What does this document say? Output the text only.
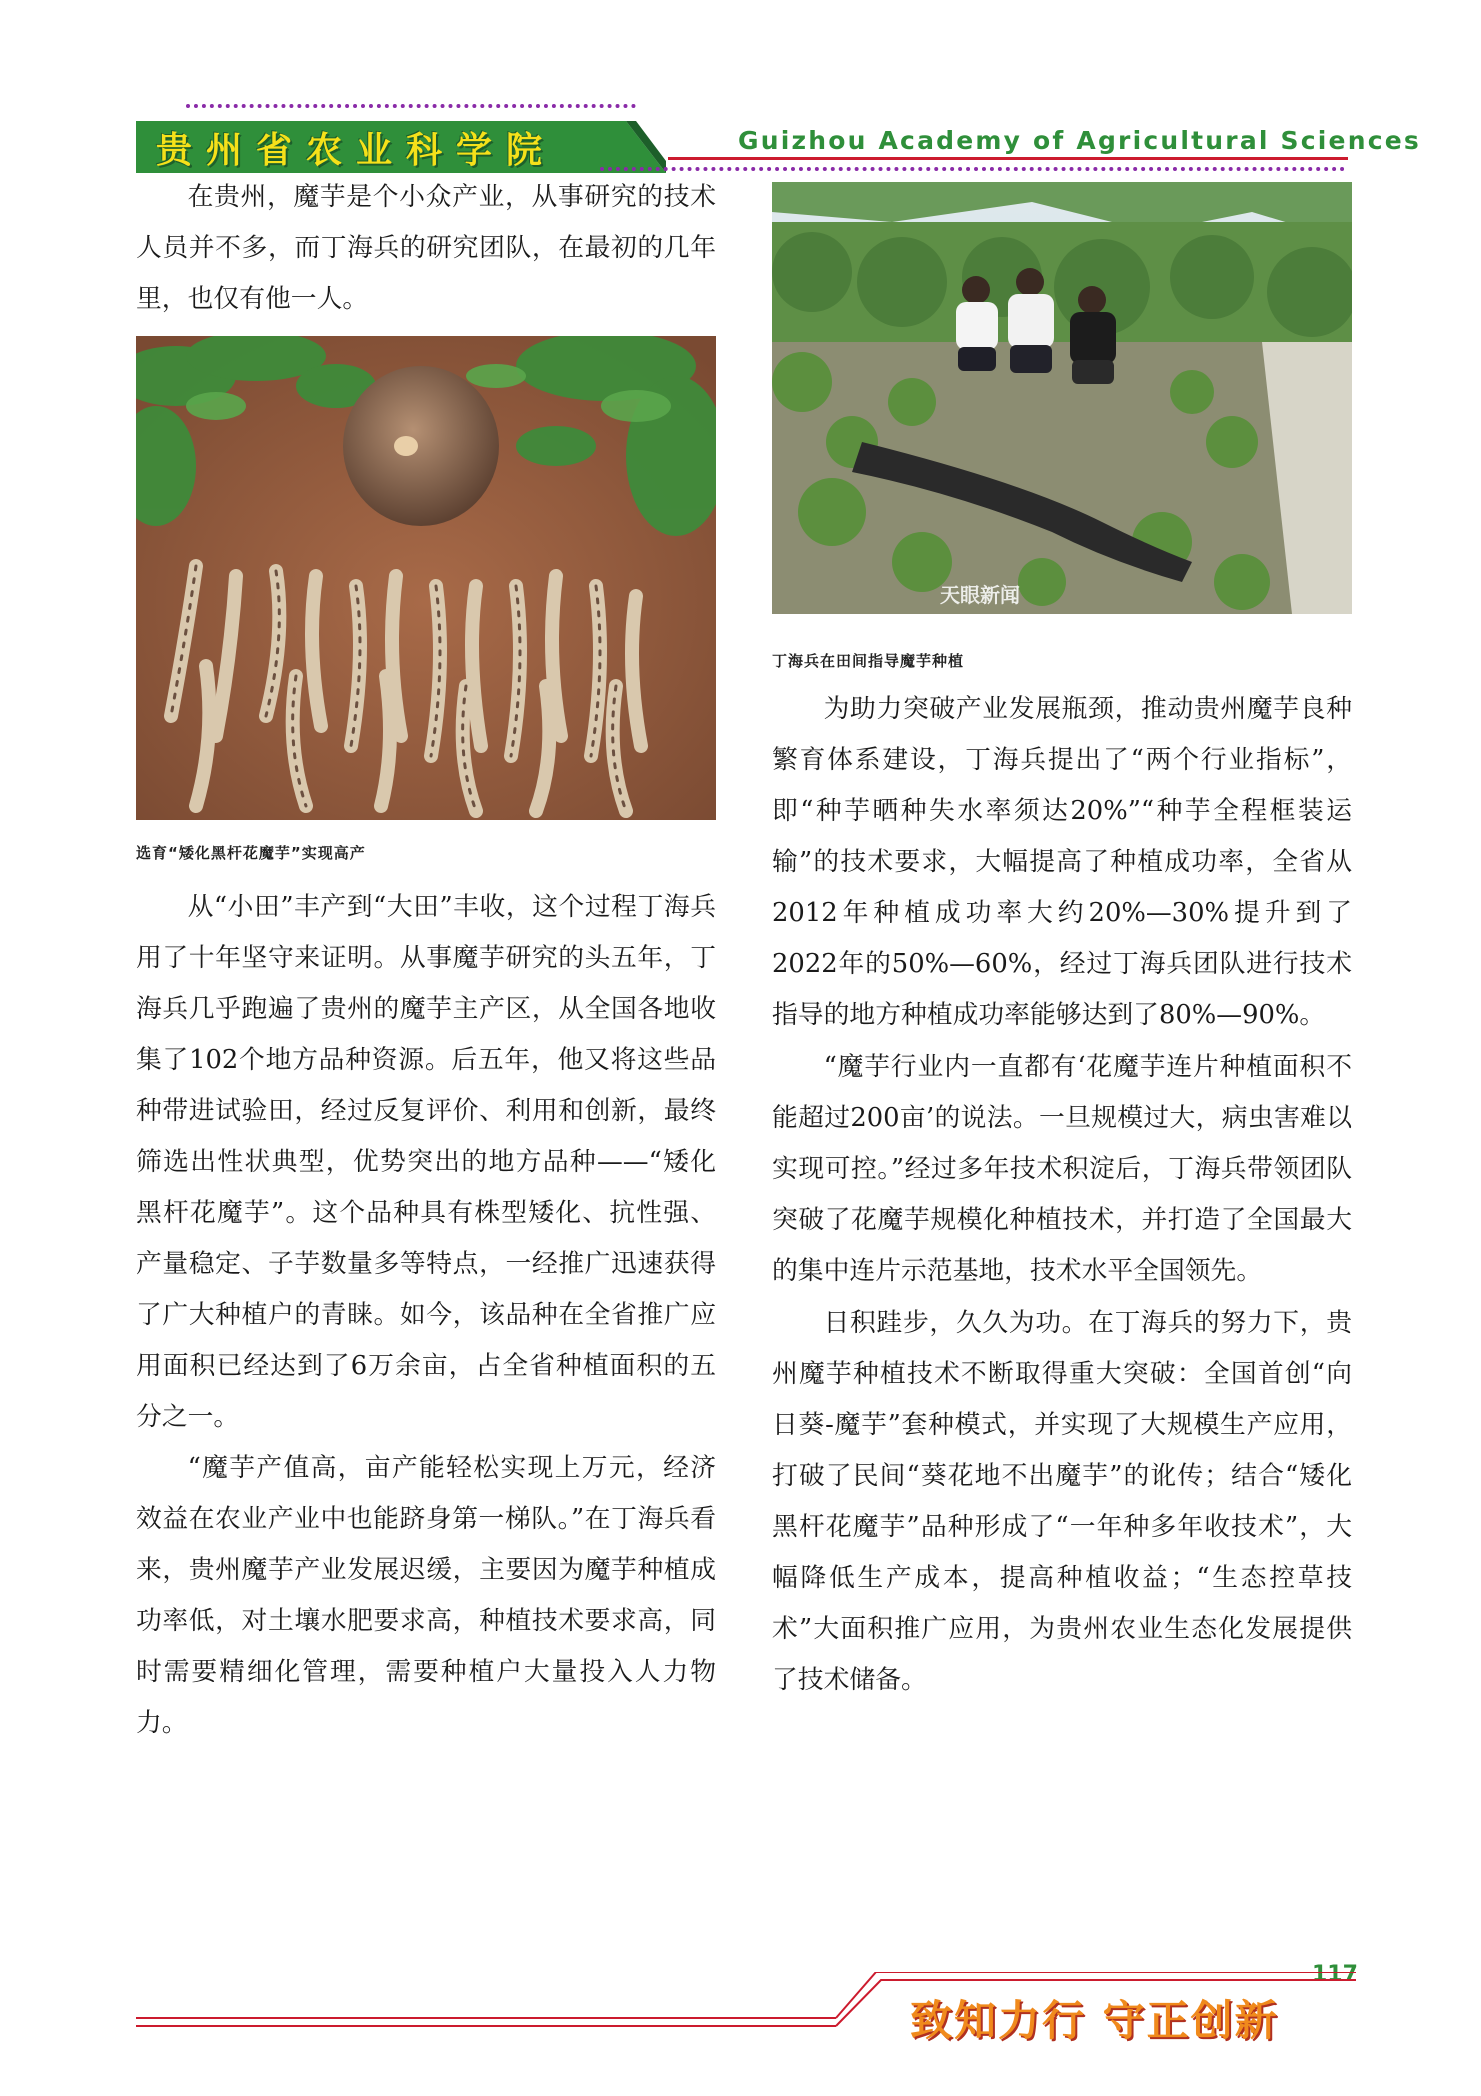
贵州省农业科学院	Guizhou Academy of Agricultural Sciences

在贵州，魔芋是个小众产业，从事研究的技术人员并不多，而丁海兵的研究团队，在最初的几年里，也仅有他一人。

选育“矮化黑杆花魔芋”实现高产

从“小田”丰产到“大田”丰收，这个过程丁海兵用了十年坚守来证明。从事魔芋研究的头五年，丁海兵几乎跑遍了贵州的魔芋主产区，从全国各地收集了102个地方品种资源。后五年，他又将这些品种带进试验田，经过反复评价、利用和创新，最终筛选出性状典型，优势突出的地方品种——“矮化黑杆花魔芋”。这个品种具有株型矮化、抗性强、产量稳定、子芋数量多等特点，一经推广迅速获得了广大种植户的青睐。如今，该品种在全省推广应用面积已经达到了6万余亩，占全省种植面积的五分之一。

“魔芋产值高，亩产能轻松实现上万元，经济效益在农业产业中也能跻身第一梯队。”在丁海兵看来，贵州魔芋产业发展迟缓，主要因为魔芋种植成功率低，对土壤水肥要求高，种植技术要求高，同时需要精细化管理，需要种植户大量投入人力物力。

天眼新闻

丁海兵在田间指导魔芋种植

为助力突破产业发展瓶颈，推动贵州魔芋良种繁育体系建设，丁海兵提出了“两个行业指标”，即“种芋晒种失水率须达20%”“种芋全程框装运输”的技术要求，大幅提高了种植成功率，全省从2012年种植成功率大约20%—30%提升到了2022年的50%—60%，经过丁海兵团队进行技术指导的地方种植成功率能够达到了80%—90%。

“魔芋行业内一直都有‘花魔芋连片种植面积不能超过200亩’的说法。一旦规模过大，病虫害难以实现可控。”经过多年技术积淀后，丁海兵带领团队突破了花魔芋规模化种植技术，并打造了全国最大的集中连片示范基地，技术水平全国领先。

日积跬步，久久为功。在丁海兵的努力下，贵州魔芋种植技术不断取得重大突破：全国首创“向日葵-魔芋”套种模式，并实现了大规模生产应用，打破了民间“葵花地不出魔芋”的讹传；结合“矮化黑杆花魔芋”品种形成了“一年种多年收技术”，大幅降低生产成本，提高种植收益；“生态控草技术”大面积推广应用，为贵州农业生态化发展提供了技术储备。

117
致知力行 守正创新
